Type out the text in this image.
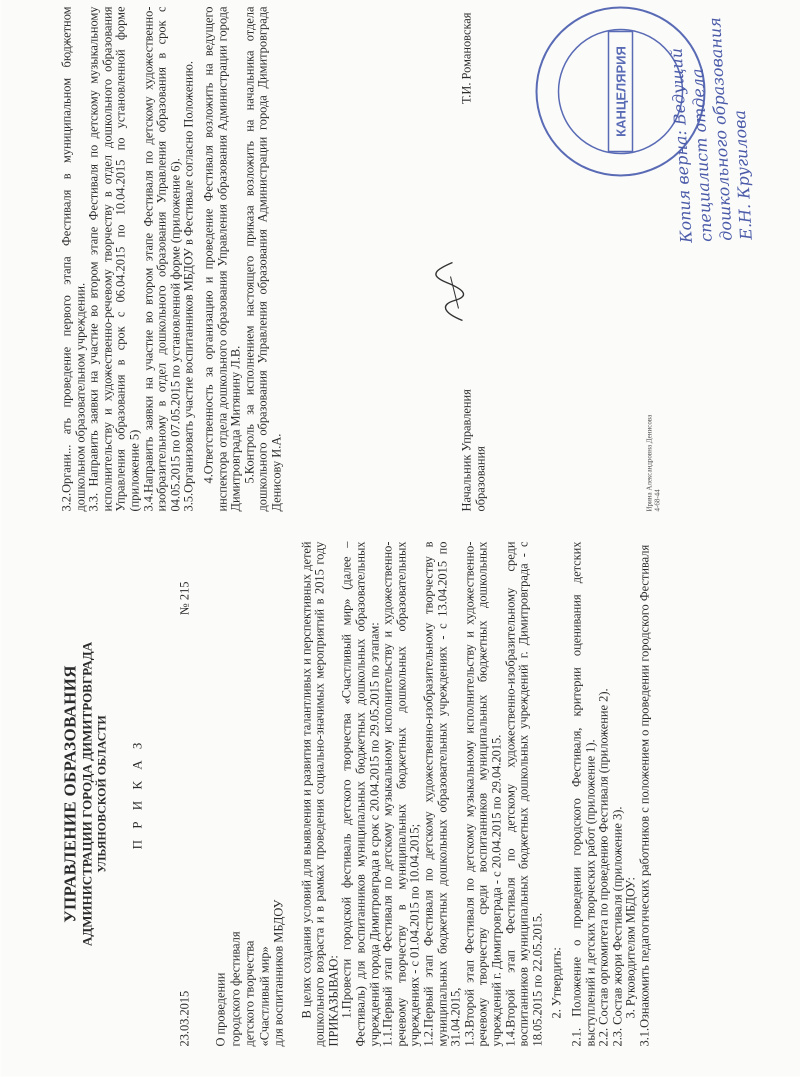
УПРАВЛЕНИЕ ОБРАЗОВАНИЯ АДМИНИСТРАЦИИ ГОРОДА ДИМИТРОВГРАДА УЛЬЯНОВСКОЙ ОБЛАСТИ П Р И К А З
23.03.2015
№ 215
О проведении городского фестиваля детского творчества «Счастливый мир» для воспитанников МБДОУ В целях создания условий для выявления и развития талантливых и перспективных детей дошкольного возраста и в рамках проведения социально-значимых мероприятий в 2015 году ПРИКАЗЫВАЮ: 1.Провести городской фестиваль детского творчества «Счастливый мир» (далее – Фестиваль) для воспитанников муниципальных бюджетных дошкольных образовательных учреждений города Димитровграда в срок с 20.04.2015 по 29.05.2015 по этапам: 1.1.Первый этап Фестиваля по детскому музыкальному исполнительству и художественно-речевому творчеству в муниципальных бюджетных дошкольных образовательных учреждениях - с 01.04.2015 по 10.04.2015; 1.2.Первый этап Фестиваля по детскому художественно-изобразительному творчеству в муниципальных бюджетных дошкольных образовательных учреждениях - с 13.04.2015 по 31.04.2015, 1.3.Второй этап Фестиваля по детскому музыкальному исполнительству и художественно-речевому творчеству среди воспитанников муниципальных бюджетных дошкольных учреждений г. Димитровграда - с 20.04.2015 по 29.04.2015. 1.4.Второй этап Фестиваля по детскому художественно-изобразительному среди воспитанников муниципальных бюджетных дошкольных учреждений г. Димитровграда - с 18.05.2015 по 22.05.2015. 2. Утвердить: 2.1. Положение о проведении городского Фестиваля, критерии оценивания детских выступлений и детских творческих работ (приложение 1). 2.2. Состав оргкомитета по проведению Фестиваля (приложение 2). 2.3. Состав жюри Фестиваля (приложение 3). 3. Руководителям МБДОУ: 3.1.Ознакомить педагогических работников с положением о проведении городского Фестиваля
3.2.Органи... ать проведение первого этапа Фестиваля в муниципальном бюджетном дошкольном образовательном учреждении. 3.3. Направить заявки на участие во втором этапе Фестиваля по детскому музыкальному исполнительству и художественно-речевому творчеству в отдел дошкольного образования Управления образования в срок с 06.04.2015 по 10.04.2015 по установленной форме (приложение 5) 3.4.Направить заявки на участие во втором этапе Фестиваля по детскому художественно-изобразительному в отдел дошкольного образования Управления образования в срок с 04.05.2015 по 07.05.2015 по установленной форме (приложение 6). 3.5.Организовать участие воспитанников МБДОУ в Фестивале согласно Положению. 4.Ответственность за организацию и проведение Фестиваля возложить на ведущего инспектора отдела дошкольного образования Управления образования Администрации города Димитровграда Митянину Л.В. 5.Контроль за исполнением настоящего приказа возложить на начальника отдела дошкольного образования Управления образования Администрации города Димитровграда Денисову И.А.	Начальник Управления образования
Т.И. Романовская
Ирина Александровна Денисова 4-68-44
КАНЦЕЛЯРИЯ Копия верна: Ведущий специалист отдела дошкольного образования Е.Н. Кругилова
